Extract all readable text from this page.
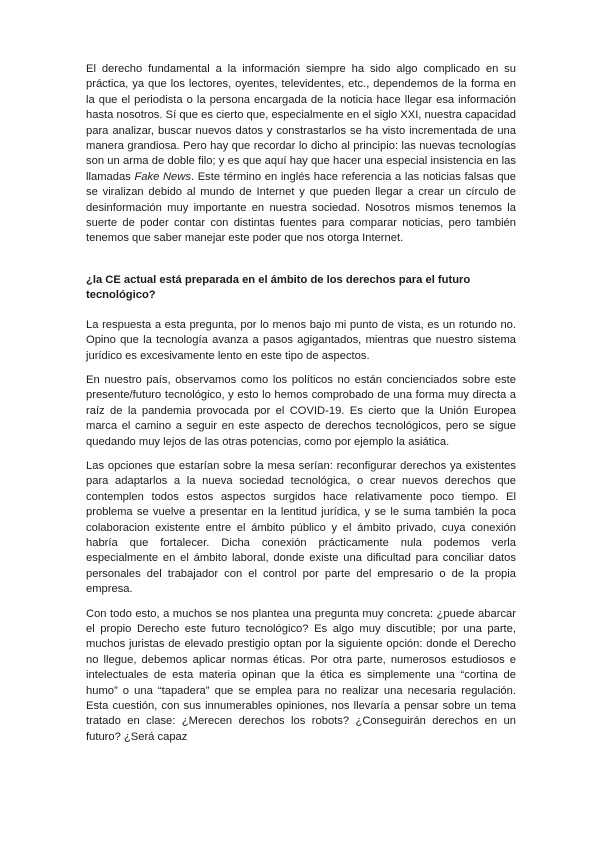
El derecho fundamental a la información siempre ha sido algo complicado en su práctica, ya que los lectores, oyentes, televidentes, etc., dependemos de la forma en la que el periodista o la persona encargada de la noticia hace llegar esa información hasta nosotros. Sí que es cierto que, especialmente en el siglo XXI, nuestra capacidad para analizar, buscar nuevos datos y constrastarlos se ha visto incrementada de una manera grandiosa. Pero hay que recordar lo dicho al principio: las nuevas tecnologías son un arma de doble filo; y es que aquí hay que hacer una especial insistencia en las llamadas Fake News. Este término en inglés hace referencia a las noticias falsas que se viralizan debido al mundo de Internet y que pueden llegar a crear un círculo de desinformación muy importante en nuestra sociedad. Nosotros mismos tenemos la suerte de poder contar con distintas fuentes para comparar noticias, pero también tenemos que saber manejar este poder que nos otorga Internet.

¿la CE actual está preparada en el ámbito de los derechos para el futuro tecnológico?

La respuesta a esta pregunta, por lo menos bajo mi punto de vista, es un rotundo no. Opino que la tecnología avanza a pasos agigantados, mientras que nuestro sistema jurídico es excesivamente lento en este tipo de aspectos.

En nuestro país, observamos como los políticos no están concienciados sobre este presente/futuro tecnológico, y esto lo hemos comprobado de una forma muy directa a raíz de la pandemia provocada por el COVID-19. Es cierto que la Unión Europea marca el camino a seguir en este aspecto de derechos tecnológicos, pero se sigue quedando muy lejos de las otras potencias, como por ejemplo la asiática.

Las opciones que estarían sobre la mesa serían: reconfigurar derechos ya existentes para adaptarlos a la nueva sociedad tecnológica, o crear nuevos derechos que contemplen todos estos aspectos surgidos hace relativamente poco tiempo. El problema se vuelve a presentar en la lentitud jurídica, y se le suma también la poca colaboracion existente entre el ámbito público y el ámbito privado, cuya conexión habría que fortalecer. Dicha conexión prácticamente nula podemos verla especialmente en el ámbito laboral, donde existe una dificultad para conciliar datos personales del trabajador con el control por parte del empresario o de la propia empresa.

Con todo esto, a muchos se nos plantea una pregunta muy concreta: ¿puede abarcar el propio Derecho este futuro tecnológico? Es algo muy discutible; por una parte, muchos juristas de elevado prestigio optan por la siguiente opción: donde el Derecho no llegue, debemos aplicar normas éticas. Por otra parte, numerosos estudiosos e intelectuales de esta materia opinan que la ética es simplemente una “cortina de humo” o una “tapadera” que se emplea para no realizar una necesaria regulación. Esta cuestión, con sus innumerables opiniones, nos llevaría a pensar sobre un tema tratado en clase: ¿Merecen derechos los robots? ¿Conseguirán derechos en un futuro? ¿Será capaz
